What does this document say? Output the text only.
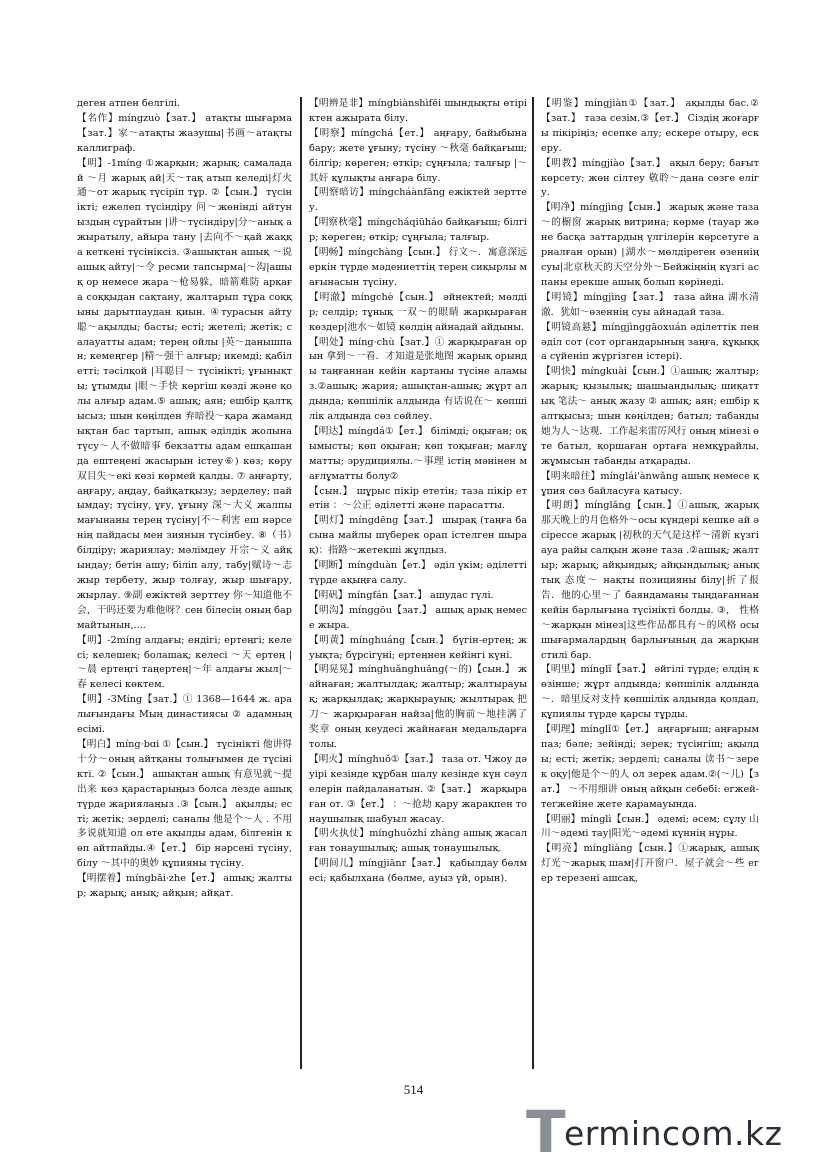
деген атпен белгілі.

【名作】míngzuò【зат.】 атақты шығарма【зат.】家～атақты жазушы|书画～атақты каллиграф.

【明】-1míng ①жарқын; жарық; самаладай ～月 жарық ай|天～тақ атып келеді|灯火通～от жарық түсіріп тұр. ②【сын.】 түсінікті; ежелеп түсіндіру 问～жөнінді айтуныздың сұрайтын |讲～түсіндіру|分～анық ажыратылу, айыра тану |去向不～қай жаққа кеткені түсініксіз. ③ашықтан ашық ～说 ашық айту|～令 ресми тапсырма|～沟|ашық ор немесе жара～枪易躲，暗箭难防 арқаға соққыдан сақтану, жалтарып тұра соққыны дарытпаудан қиын. ④турасын айту 聪～ақылды; басты; есті; жетелі; жетік; салауатты адам; терең ойлы |英～данышпан; кемеңгер |精～强干 алғыр; икемді; қабілетті; тәсілқой |耳聪目～ түсінікті; ұғынықты; ұтымды |眼～手快 көргіш көзді және қолы алғыр адам.⑤ ашық; аян; ешбір қалтқысыз; шын көңілден 弃暗投～қара жамандықтан бас тартып, ашық әділдік жолына түсу～人不做暗事 бекзатты адам ешқашан да ештеңені жасырын істеу⑥) көз; көру 双目失～екі көзі көрмей қалды. ⑦ аңғарту, аңғару, аңдау, байқатқызу; зерделеу; пайымдау; түсіну, ұғу, ұғыну 深～大义 жалпы мағынаны терең түсіну|不～利害 еш нәрсенің пайдасы мен зиянын түсінбеу. ⑧（书）білдіру; жариялау; мәлімдеу 开宗～义 айқындау; бетін ашу; біліп алу, табу|赋诗～志 жыр тербету, жыр толғау, жыр шығару, жырлау. ⑨副 ежіктей зерттеу 你～知道他不会，干吗还要为难他呀？сен білесің оның бармайтынын,....

【明】-2míng алдағы; ендігі; ертеңгі; келесі; келешек; болашақ; келесі ～天 ертең |～晨 ертеңгі таңертең|～年 алдағы жыл|～春 келесі көктем.

【明】-3Míng【зат.】① 1368—1644 ж. аралығындағы Мың династиясы ② адамның есімі.

【明白】míng·bɑi ①【сын.】 түсінікті 他讲得十分～оның айтқаны толығымен де түсінікті. ②【сын.】 ашықтан ашық 有意见就～提出来 көз қарастарыңыз болса лезде ашық түрде жариялаңыз .③【сын.】 ақылды; есті; жетік; зерделі; саналы 他是个～人 . 不用多说就知道 ол өте ақылды адам, білгенін көп айтпайды.④【ет.】 бір нәрсені түсіну, білу ～其中的奥妙 құпияны түсіну.

【明摆着】míngbǎi·zhe【ет.】 ашық; жалтыр; жарық; анық; айқын; айқат.

【明辨是非】míngbiànshìfēi шындықты өтіріктен ажырата білу.

【明察】míngchá【ет.】 аңғару, байыбына бару; жете ұғыну; түсіну ～秋毫 байқағыш; білгір; көреген; өткір; сұңғыла; талғыр |～其奸 құлықты аңғара білу.

【明察暗访】míngcháànfǎng ежіктей зерттеу.

【明察秋毫】míngcháqiūháo байқағыш; білгір; көреген; өткір; сұңғыла; талғыр.

【明畅】míngchàng【сын.】 行文～．寓意深远 еркін түрде мәдениеттің терең сиқырлы мағынасын түсіну.

【明澈】míngchè【сын.】 әйнектей; мөлдір; селдір; тұнық 一双～的眼睛 жарқыраған көздер|池水～如镜 көлдің айнадай айдыны.

【明处】míng·chù【зат.】① жарқыраған орын 拿到～一看．才知道是张地图 жарық орынды таңғаннан кейін картаны түсіне аламыз.②ашық; жария; ашықтан-ашық; жұрт алдында; көпшілік алдында 有话说在～ көпшілік алдында сөз сөйлеу.

【明达】míngdá①【ет.】 білімді; оқыған; оқымысты; көп оқыған; көп тоқыған; мағлұматты; эрудициялы.～事理 істің мәнінен мағлұматты болу②

【сын.】 шұрыс пікір ететін; таза пікір ететін ：～公正 әділетті және парасатты.

【明灯】míngdēng【зат.】 шырақ (таңға басына майлы шүберек орап істелген шырақ)：指路～жетекші жұлдыз.

【明断】míngduàn【ет.】 әділ үкім; әділетті түрде ақыңға салу.

【明矾】míngfán【зат.】 ашудас гүлі.

【明沟】mínggōu【зат.】 ашық арық немесе жыра.

【明黄】mínghuáng【сын.】 бүгін-ертең; жуықта; бүрсігүні; ертеңнен кейінгі күні.

【明晃晃】mínghuǎnghuǎng(～的)【сын.】 жайнаған; жалтылдақ; жалтыр; жалтырауық; жарқылдақ; жарқырауық; жылтырақ 把刀～ жарқыраған найза|他的胸前～地挂满了奖章 оның кеудесі жайнаған медальдарға толы.

【明火】mínghuǒ①【зат.】 таза от. Чжоу дәуірі кезінде құрбан шалу кезінде күн сәулелерін пайдаланатын. ②【зат.】 жарқыраған от. ③【ет.】 ：～抢劫 қару жарақпен тонаушылық шабуыл жасау.

【明火执仗】mínghuǒzhí zhàng ашық жасалған тонаушылық; ашық тонаушылық.

【明间儿】míngjiānr【зат.】 қабылдау бөлмесі; қабылхана (бөлме, ауыз үй, орын).

【明鉴】míngjiàn①【зат.】 ақылды бас.②【зат.】 таза сезім.③【ет.】 Сіздің жоғарғы пікіріңіз; есепке алу; ескере отыру, ескеру.

【明教】míngjiào【зат.】 ақыл беру; бағыт көрсету; жөн сілтеу 敬聆～дана сөзге елігу.

【明净】míngjìng【сын.】 жарық және таза ～的橱窗 жарық витрина; көрме (тауар және басқа заттардың үлгілерін көрсетуге арналған орын) |湖水～мөлдіреген өзеннің суы|北京秋天的天空分外～Бейжіңнің күзгі аспаны ерекше ашық болып көрінеді.

【明镜】míngjìng【зат.】 таза айна 湖水清澈．犹如～өзеннің суы айнадай таза.

【明镜高悬】míngjìnggāoxuán әділеттік пен әділ сот (сот органдарының заңға, құқыққа сүйеніп жүргізген істері).

【明快】míngkuài【сын.】①ашық; жалтыр; жарық; қызылық; шашыандылық; шиқаттық 笔法～ анық жазу ② ашық; аян; ешбір қалтқысыз; шын көңілден; батыл; табанды 她为人～达观．工作起来雷厉风行 оның мінезі өте батыл, қоршаған ортаға немқұрайлы, жұмысын табанды атқарады.

【明来暗往】mínglái'ànwǎng ашық немесе құпия сөз байласуға қатысу.

【明朗】mínglǎng【сын.】①ашық, жарық 那天晚上的月色格外～осы күндері кешке ай әсірессе жарық |初秋的天气是这样～清新 күзгі ауа райы салқын және таза .②ашық; жалтыр; жарық; айқындық; айқындылық; анықтық 态度～ нақты позицияны білу|折了报告．他的心里～了 баяндаманы тыңдағаннан кейін барлығына түсінікті болды. ③， 性格～жарқын мінез|这些作品都具有～的风格 осы шығармалардың барлығының да жарқын стилі бар.

【明里】mínglǐ【зат.】 әйгілі түрде; елдің көзінше; жұрт алдында; көпшілік алдында ～．暗里反对支持 көпшілік алдында қолдап, құпиялы түрде қарсы тұрды.

【明理】mínglǐ①【ет.】 аңғарғыш; аңғарымпаз; бәле; зейінді; зерек; түсінгіш; ақылды; есті; жетік; зерделі; саналы 读书～зерек оқу|他是个～的人 ол зерек адам.②(～儿)【зат.】 ～不用细讲 оның айқын себебі: егжей-тегжейіне жете қарамауында.

【明丽】mínglì【сын.】 әдемі; әсем; сұлу 山川～әдемі тау|阳光～әдемі күннің нұры.

【明亮】míngliàng【сын.】①жарық, ашық 灯光～жарық шам|打开窗户．屋子就会～些 егер терезені ашсақ，

514
T
ermincom.kz
